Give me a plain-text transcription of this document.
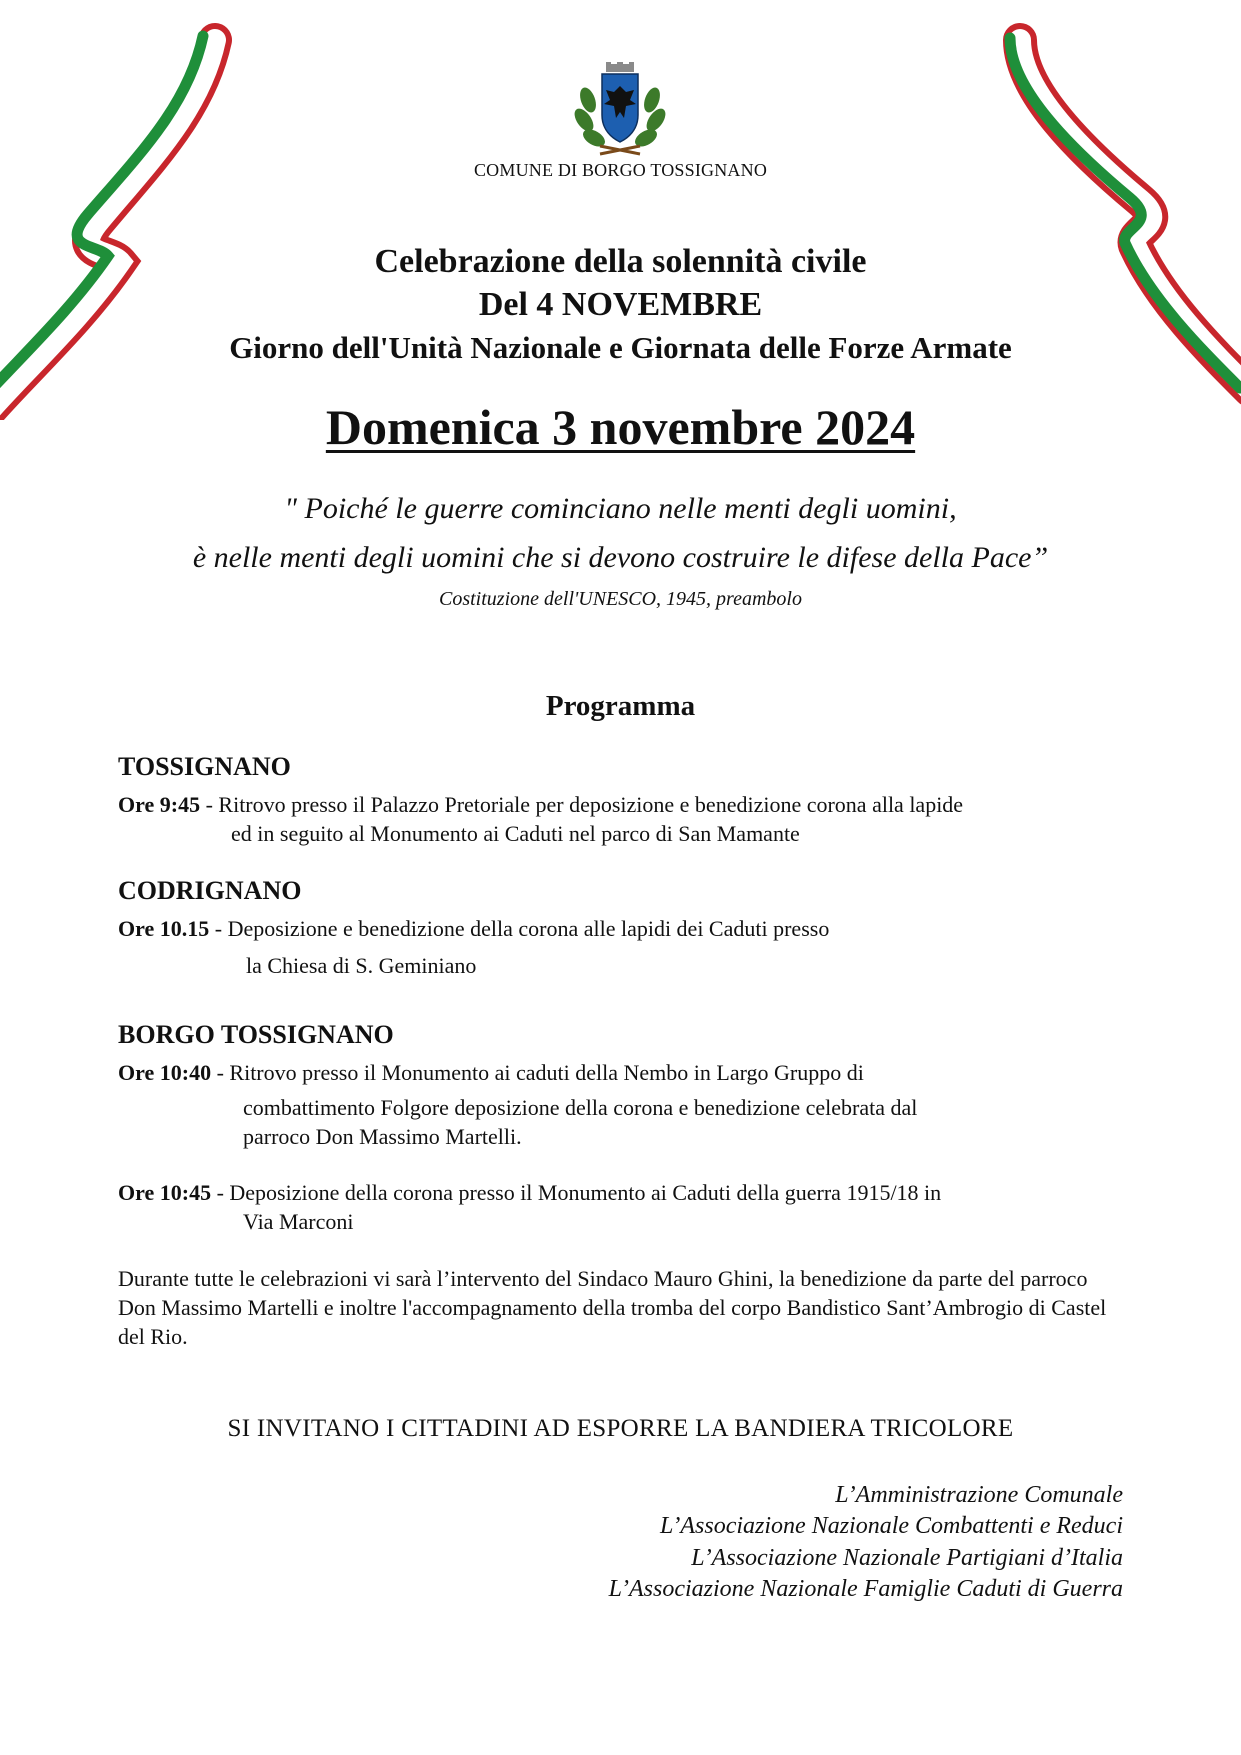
COMUNE DI BORGO TOSSIGNANO
Celebrazione della solennità civile
Del 4 NOVEMBRE
Giorno dell'Unità Nazionale e Giornata delle Forze Armate
Domenica 3 novembre 2024
" Poiché le guerre cominciano nelle menti degli uomini,
è nelle menti degli uomini che si devono costruire le difese della Pace”
Costituzione dell'UNESCO, 1945, preambolo
Programma
TOSSIGNANO
Ore 9:45 - Ritrovo presso il Palazzo Pretoriale per deposizione e benedizione corona alla lapide
ed in seguito al Monumento ai Caduti nel parco di San Mamante
CODRIGNANO
Ore 10.15 - Deposizione e benedizione della corona alle lapidi dei Caduti presso
la Chiesa di S. Geminiano
BORGO TOSSIGNANO
Ore 10:40 - Ritrovo presso il Monumento ai caduti della Nembo in Largo Gruppo di
combattimento Folgore deposizione della corona e benedizione celebrata dal
parroco Don Massimo Martelli.
Ore 10:45 - Deposizione della corona presso il Monumento ai Caduti della guerra 1915/18 in
Via Marconi
Durante tutte le celebrazioni vi sarà l’intervento del Sindaco Mauro Ghini, la benedizione da parte del parroco Don Massimo Martelli e inoltre l'accompagnamento della tromba del corpo Bandistico Sant’Ambrogio di Castel del Rio.
SI INVITANO I CITTADINI AD ESPORRE LA BANDIERA TRICOLORE
L’Amministrazione Comunale
L’Associazione Nazionale Combattenti e Reduci
L’Associazione Nazionale Partigiani d’Italia
L’Associazione Nazionale Famiglie Caduti di Guerra
